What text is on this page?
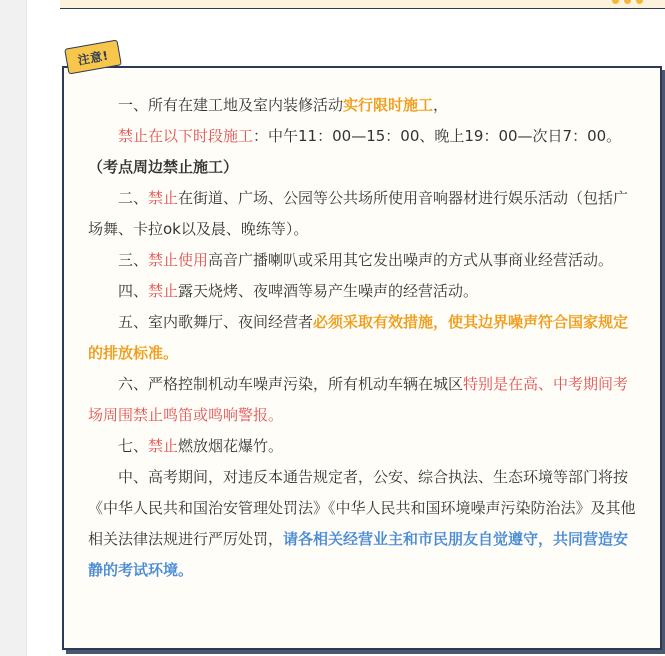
注意!

一、所有在建工地及室内装修活动实行限时施工，

禁止在以下时段施工：中午11：00—15：00、晚上19：00—次日7：00。（考点周边禁止施工）

二、禁止在街道、广场、公园等公共场所使用音响器材进行娱乐活动（包括广场舞、卡拉ok以及晨、晚练等）。

三、禁止使用高音广播喇叭或采用其它发出噪声的方式从事商业经营活动。

四、禁止露天烧烤、夜啤酒等易产生噪声的经营活动。

五、室内歌舞厅、夜间经营者必须采取有效措施，使其边界噪声符合国家规定的排放标准。

六、严格控制机动车噪声污染，所有机动车辆在城区特别是在高、中考期间考场周围禁止鸣笛或鸣响警报。

七、禁止燃放烟花爆竹。

中、高考期间，对违反本通告规定者，公安、综合执法、生态环境等部门将按《中华人民共和国治安管理处罚法》《中华人民共和国环境噪声污染防治法》及其他相关法律法规进行严厉处罚，请各相关经营业主和市民朋友自觉遵守，共同营造安静的考试环境。
